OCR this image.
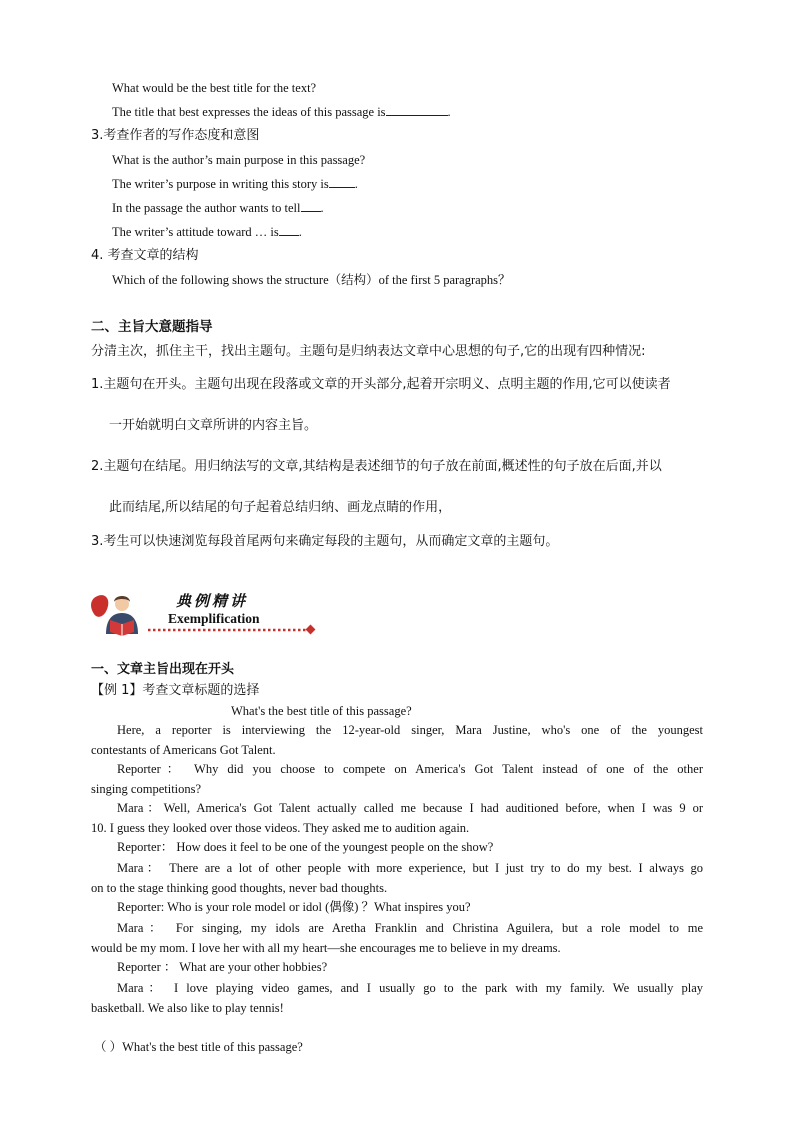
What would be the best title for the text?
The title that best expresses the ideas of this passage is	.
3.考查作者的写作态度和意图
What is the author’s main purpose in this passage?
The writer’s purpose in writing this story is .
In the passage the author wants to tell .
The writer’s attitude toward … is .
4. 考查文章的结构
Which of the following shows the structure（结构）of the first 5 paragraphs？
二、主旨大意题指导
分清主次，抓住主干，找出主题句。主题句是归纳表达文章中心思想的句子,它的出现有四种情况:
1.主题句在开头。主题句出现在段落或文章的开头部分,起着开宗明义、点明主题的作用,它可以使读者
一开始就明白文章所讲的内容主旨。
2.主题句在结尾。用归纳法写的文章,其结构是表述细节的句子放在前面,概述性的句子放在后面,并以
此而结尾,所以结尾的句子起着总结归纳、画龙点睛的作用，
3.考生可以快速浏览每段首尾两句来确定每段的主题句，从而确定文章的主题句。
典例精讲
Exemplification
一、文章主旨出现在开头
【例 1】考查文章标题的选择
What's the best title of this passage?
Here, a reporter is interviewing the 12-year-old singer, Mara Justine, who's one of the youngest
contestants of Americans Got Talent.
Reporter： Why did you choose to compete on America's Got Talent instead of one of the other
singing competitions?
Mara：Well, America's Got Talent actually called me because I had auditioned before, when I was 9 or
10. I guess they looked over those videos. They asked me to audition again.
Reporter： How does it feel to be one of the youngest people on the show?
Mara： There are a lot of other people with more experience, but I just try to do my best. I always go
on to the stage thinking good thoughts, never bad thoughts.
Reporter: Who is your role model or idol (偶像) ？What inspires you?
Mara： For singing, my idols are Aretha Franklin and Christina Aguilera, but a role model to me
would be my mom. I love her with all my heart—she encourages me to believe in my dreams.
Reporter ： What are your other hobbies?
Mara： I love playing video games, and I usually go to the park with my family. We usually play
basketball. We also like to play tennis!
（ ）What's the best title of this passage?
